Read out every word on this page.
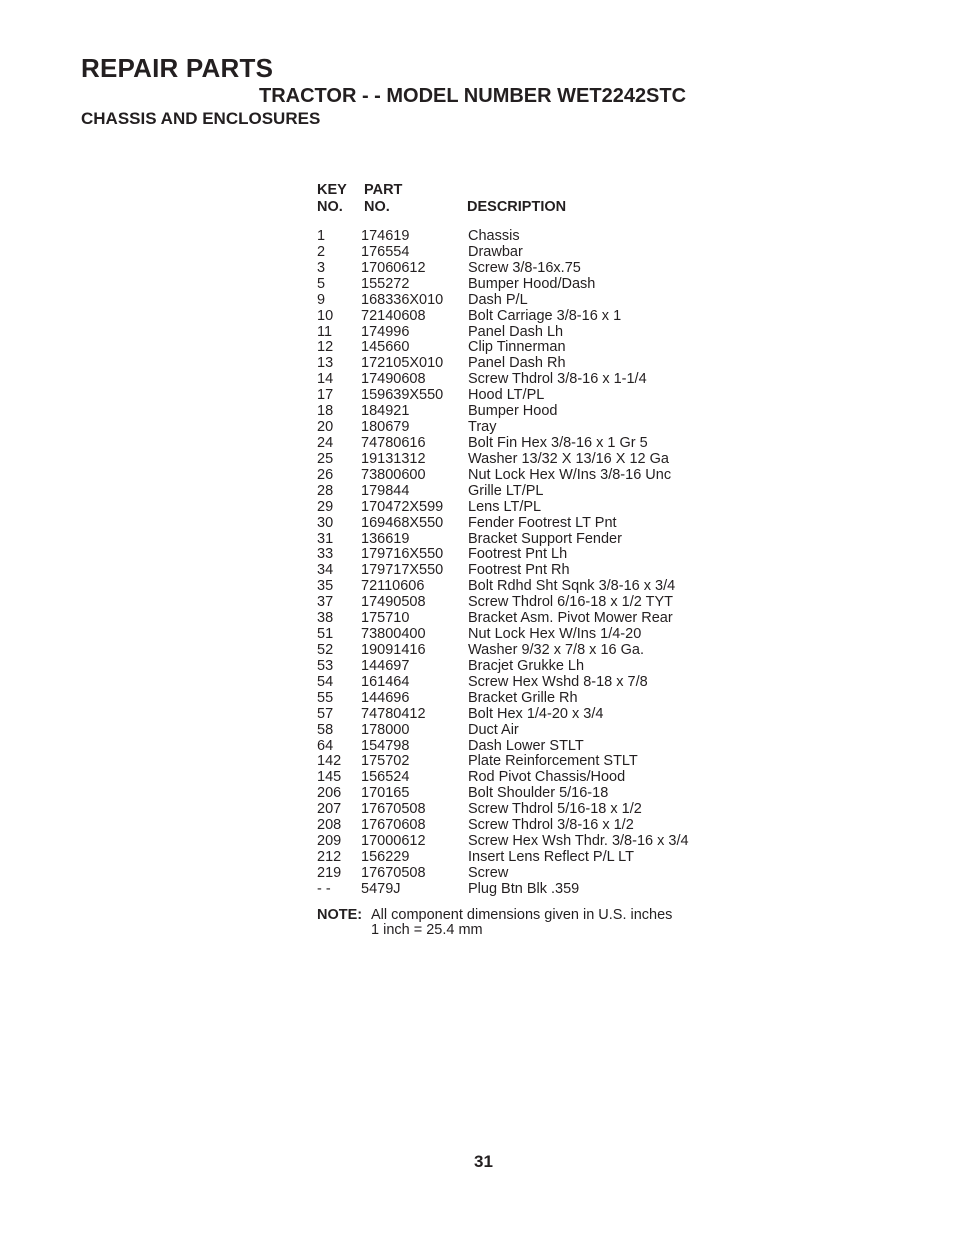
REPAIR PARTS
TRACTOR - - MODEL NUMBER WET2242STC
CHASSIS AND ENCLOSURES
KEY
NO.
PART
NO.	DESCRIPTION
1 174619	Chassis
2 176554	Drawbar
3 17060612	Screw 3/8-16x.75
5 155272	Bumper Hood/Dash
9 168336X010 Dash P/L
10 72140608	Bolt Carriage 3/8-16 x 1
11 174996	Panel Dash Lh
12 145660	Clip Tinnerman
13 172105X010 Panel Dash Rh
14 17490608	Screw Thdrol 3/8-16 x 1-1/4
17 159639X550 Hood LT/PL
18 184921	Bumper Hood
20 180679	Tray
24 74780616	Bolt Fin Hex 3/8-16 x 1 Gr 5
25 19131312	Washer 13/32 X 13/16 X 12 Ga
26 73800600	Nut Lock Hex W/Ins 3/8-16 Unc
28 179844	Grille LT/PL
29 170472X599 Lens LT/PL
30 169468X550 Fender Footrest LT Pnt
31 136619	Bracket Support Fender
33 179716X550 Footrest Pnt Lh
34 179717X550 Footrest Pnt Rh
35 72110606	Bolt Rdhd Sht Sqnk 3/8-16 x 3/4
37 17490508	Screw Thdrol 6/16-18 x 1/2 TYT
38 175710	Bracket Asm. Pivot Mower Rear
51 73800400	Nut Lock Hex W/Ins 1/4-20
52 19091416	Washer 9/32 x 7/8 x 16 Ga.
53 144697	Bracjet Grukke Lh
54 161464	Screw Hex Wshd 8-18 x 7/8
55 144696	Bracket Grille Rh
57 74780412	Bolt Hex 1/4-20 x 3/4
58 178000	Duct Air
64 154798	Dash Lower STLT
142 175702	Plate Reinforcement STLT
145 156524	Rod Pivot Chassis/Hood
206 170165	Bolt Shoulder 5/16-18
207 17670508	Screw Thdrol 5/16-18 x 1/2
208 17670608	Screw Thdrol 3/8-16 x 1/2
209 17000612	Screw Hex Wsh Thdr. 3/8-16 x 3/4
212 156229	Insert Lens Reflect P/L LT
219 17670508	Screw
- - 5479J	Plug Btn Blk .359
NOTE: All component dimensions given in U.S. inches
1 inch = 25.4 mm
31
